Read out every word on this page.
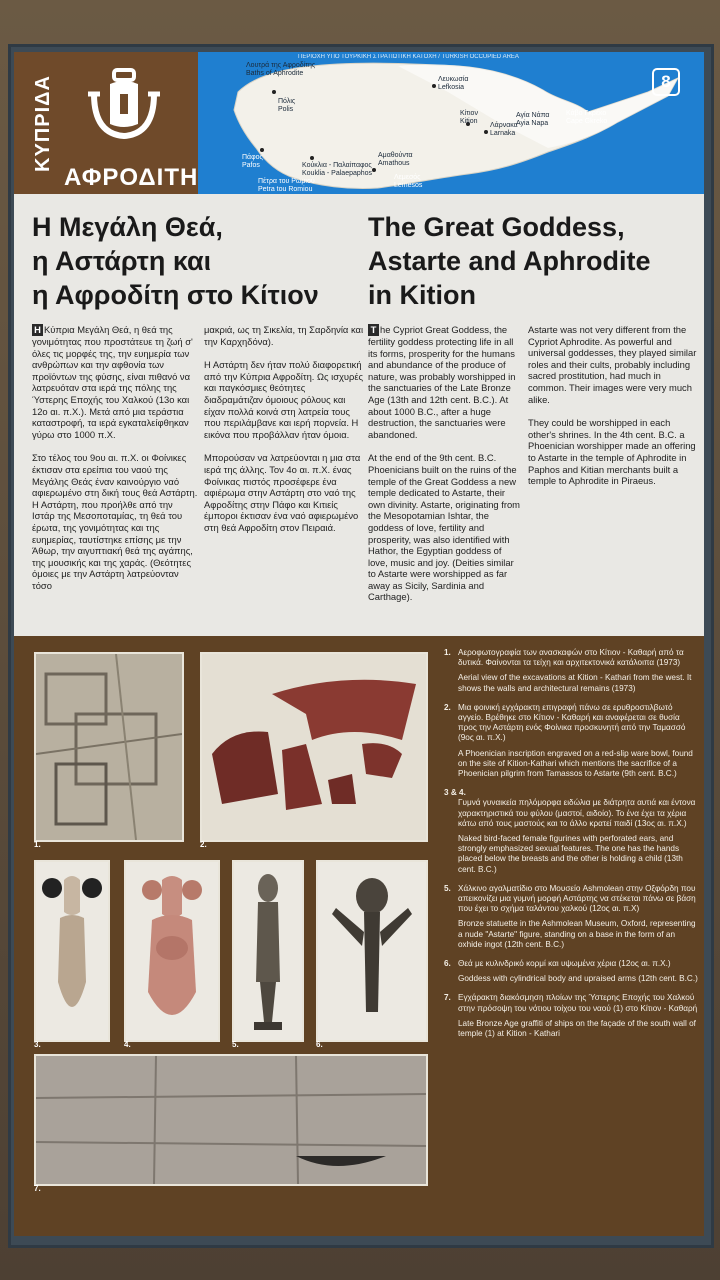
ΚΥΠΡΙΔΑ
ΑΦΡΟΔΙΤΗ
ΠΕΡΙΟΧΗ ΥΠΟ ΤΟΥΡΚΙΚΗ ΣΤΡΑΤΙΩΤΙΚΗ ΚΑΤΟΧΗ / TURKISH OCCUPIED AREA
8
Λουτρά της Αφροδίτης
Baths of Aphrodite
Πόλις
Polis
Πάφος
Pafos
Πέτρα του Ρωμιού
Petra tou Romiou
Κούκλια - Παλαίπαφος
Kouklia - Palaepaphos
Αμαθούντα
Amathous
Λεμεσός
Lemesos
Λευκωσία
Lefkosia
Κίτιον
Kition
Λάρνακα
Larnaka
Αγία Νάπα
Ayia Napa
Κάβο Γκρέκο
Cape Gkreko
Η Μεγάλη Θεά,
η Αστάρτη και
η Αφροδίτη στο Κίτιον
The Great Goddess,
Astarte and Aphrodite
in Kition

Η Κύπρια Μεγάλη Θεά, η θεά της γονιμότητας που προστάτευε τη ζωή σ' όλες τις μορφές της, την ευημερία των ανθρώπων και την αφθονία των προϊόντων της φύσης, είναι πιθανό να λατρευόταν στα ιερά της πόλης της Ύστερης Εποχής του Χαλκού (13ο και 12ο αι. π.Χ.). Μετά από μια τεράστια καταστροφή, τα ιερά εγκαταλείφθηκαν γύρω στο 1000 π.Χ.

Στο τέλος του 9ου αι. π.Χ. οι Φοίνικες έκτισαν στα ερείπια του ναού της Μεγάλης Θεάς έναν καινούργιο ναό αφιερωμένο στη δική τους θεά Αστάρτη. Η Αστάρτη, που προήλθε από την Ιστάρ της Μεσοποταμίας, τη θεά του έρωτα, της γονιμότητας και της ευημερίας, ταυτίστηκε επίσης με την Άθωρ, την αιγυπτιακή θεά της αγάπης, της μουσικής και της χαράς. (Θεότητες όμοιες με την Αστάρτη λατρεύονταν τόσο

μακριά, ως τη Σικελία, τη Σαρδηνία και την Καρχηδόνα).

Η Αστάρτη δεν ήταν πολύ διαφορετική από την Κύπρια Αφροδίτη. Ως ισχυρές και παγκόσμιες θεότητες διαδραμάτιζαν όμοιους ρόλους και είχαν πολλά κοινά στη λατρεία τους που περιλάμβανε και ιερή πορνεία. Η εικόνα που προβάλλαν ήταν όμοια.

Μπορούσαν να λατρεύονται η μια στα ιερά της άλλης. Τον 4ο αι. π.Χ. ένας Φοίνικας πιστός προσέφερε ένα αφιέρωμα στην Αστάρτη στο ναό της Αφροδίτης στην Πάφο και Κιτιείς έμποροι έκτισαν ένα ναό αφιερωμένο στη θεά Αφροδίτη στον Πειραιά.

T he Cypriot Great Goddess, the fertility goddess protecting life in all its forms, prosperity for the humans and abundance of the produce of nature, was probably worshipped in the sanctuaries of the Late Bronze Age (13th and 12th cent. B.C.). At about 1000 B.C., after a huge destruction, the sanctuaries were abandoned.

At the end of the 9th cent. B.C. Phoenicians built on the ruins of the temple of the Great Goddess a new temple dedicated to Astarte, their own divinity. Astarte, originating from the Mesopotamian Ishtar, the goddess of love, fertility and prosperity, was also identified with Hathor, the Egyptian goddess of love, music and joy. (Deities similar to Astarte were worshipped as far away as Sicily, Sardinia and Carthage).

Astarte was not very different from the Cypriot Aphrodite. As powerful and universal goddesses, they played similar roles and their cults, probably including sacred prostitution, had much in common. Their images were very much alike.

They could be worshipped in each other's shrines. In the 4th cent. B.C. a Phoenician worshipper made an offering to Astarte in the temple of Aphrodite in Paphos and Kitian merchants built a temple to Aphrodite in Piraeus.

1.	2.
3.	4.	5.	6.
7.
1. Αεροφωτογραφία των ανασκαφών στο Κίτιον - Καθαρή από τα δυτικά. Φαίνονται τα τείχη και αρχιτεκτονικά κατάλοιπα (1973)
Aerial view of the excavations at Kition - Kathari from the west. It shows the walls and architectural remains (1973)
2. Μια φοινική εγχάρακτη επιγραφή πάνω σε ερυθροστιλβωτό αγγείο. Βρέθηκε στο Κίτιον - Καθαρή και αναφέρεται σε θυσία προς την Αστάρτη ενός Φοίνικα προσκυνητή από την Ταμασσό (9ος αι. π.Χ.)
A Phoenician inscription engraved on a red-slip ware bowl, found on the site of Kition-Kathari which mentions the sacrifice of a Phoenician pilgrim from Tamassos to Astarte (9th cent. B.C.)
3 & 4.
Γυμνά γυναικεία πηλόμορφα ειδώλια με διάτρητα αυτιά και έντονα χαρακτηριστικά του φύλου (μαστοί, αιδοίο). Το ένα έχει τα χέρια κάτω από τους μαστούς και το άλλο κρατεί παιδί (13ος αι. π.Χ.)
Naked bird-faced female figurines with perforated ears, and strongly emphasized sexual features. The one has the hands placed below the breasts and the other is holding a child (13th cent. B.C.)
5. Χάλκινο αγαλματίδιο στο Μουσείο Ashmolean στην Οξφόρδη που απεικονίζει μια γυμνή μορφή Αστάρτης να στέκεται πάνω σε βάση που έχει το σχήμα ταλάντου χαλκού (12ος αι. π.Χ)
Bronze statuette in the Ashmolean Museum, Oxford, representing a nude "Astarte" figure, standing on a base in the form of an oxhide ingot (12th cent. B.C.)
6. Θεά με κυλινδρικό κορμί και υψωμένα χέρια (12ος αι. π.Χ.)
Goddess with cylindrical body and upraised arms (12th cent. B.C.)
7. Εγχάρακτη διακόσμηση πλοίων της Ύστερης Εποχής του Χαλκού στην πρόσοψη του νότιου τοίχου του ναού (1) στο Κίτιον - Καθαρή
Late Bronze Age graffiti of ships on the façade of the south wall of temple (1) at Kition - Kathari
